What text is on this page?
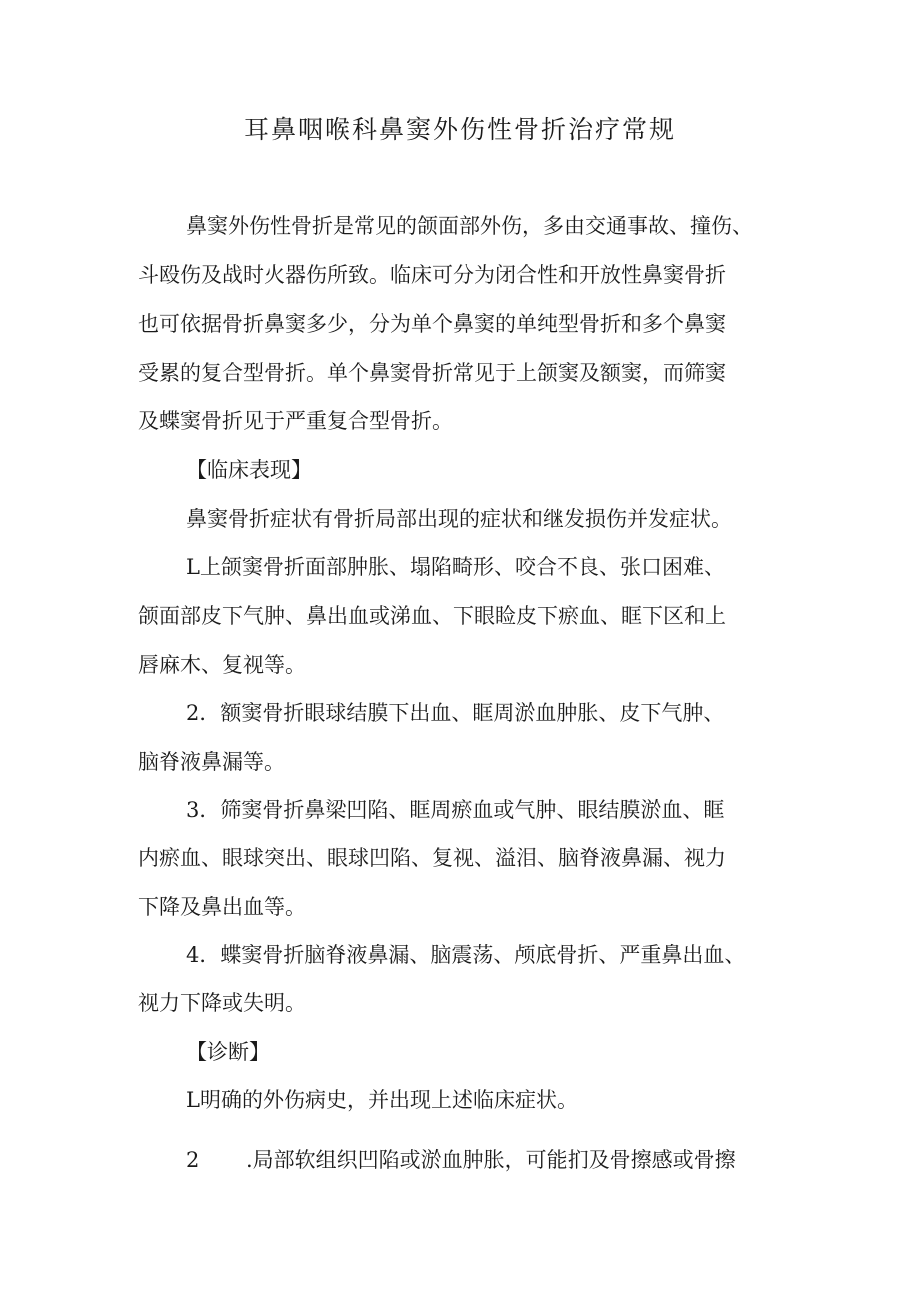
耳鼻咽喉科鼻窦外伤性骨折治疗常规
鼻窦外伤性骨折是常见的颌面部外伤，多由交通事故、撞伤、
斗殴伤及战时火器伤所致。临床可分为闭合性和开放性鼻窦骨折
也可依据骨折鼻窦多少，分为单个鼻窦的单纯型骨折和多个鼻窦
受累的复合型骨折。单个鼻窦骨折常见于上颌窦及额窦，而筛窦
及蝶窦骨折见于严重复合型骨折。
【临床表现】
鼻窦骨折症状有骨折局部出现的症状和继发损伤并发症状。
L上颌窦骨折面部肿胀、塌陷畸形、咬合不良、张口困难、
颌面部皮下气肿、鼻出血或涕血、下眼睑皮下瘀血、眶下区和上
唇麻木、复视等。
2．额窦骨折眼球结膜下出血、眶周淤血肿胀、皮下气肿、
脑脊液鼻漏等。
3．筛窦骨折鼻梁凹陷、眶周瘀血或气肿、眼结膜淤血、眶
内瘀血、眼球突出、眼球凹陷、复视、溢泪、脑脊液鼻漏、视力
下降及鼻出血等。
4．蝶窦骨折脑脊液鼻漏、脑震荡、颅底骨折、严重鼻出血、
视力下降或失明。
【诊断】
L明确的外伤病史，并出现上述临床症状。
2 .局部软组织凹陷或淤血肿胀，可能扪及骨擦感或骨擦
